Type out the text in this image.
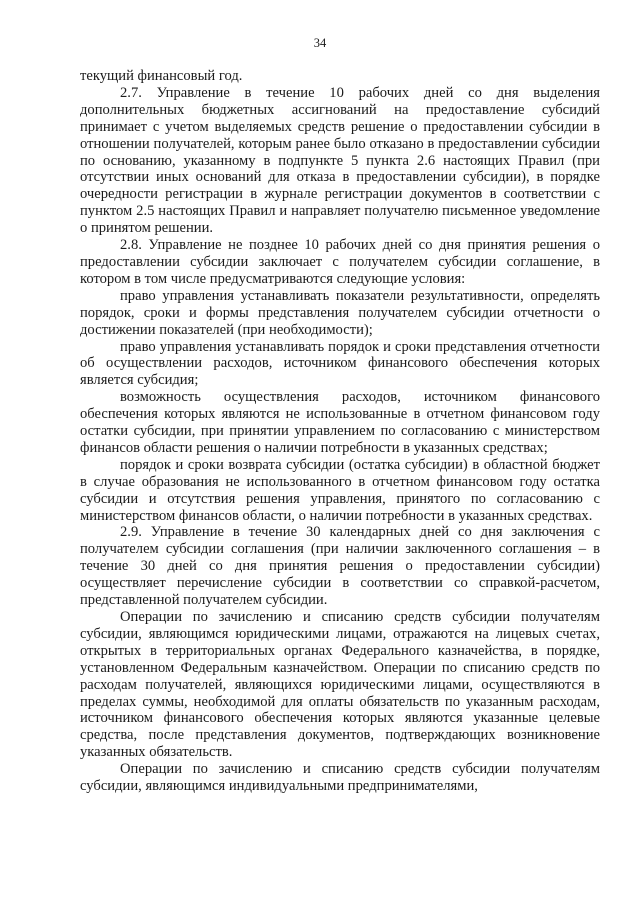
34

текущий финансовый год.

2.7. Управление в течение 10 рабочих дней со дня выделения дополнительных бюджетных ассигнований на предоставление субсидий принимает с учетом выделяемых средств решение о предоставлении субсидии в отношении получателей, которым ранее было отказано в предоставлении субсидии по основанию, указанному в подпункте 5 пункта 2.6 настоящих Правил (при отсутствии иных оснований для отказа в предоставлении субсидии), в порядке очередности регистрации в журнале регистрации документов в соответствии с пунктом 2.5 настоящих Правил и направляет получателю письменное уведомление о принятом решении.

2.8. Управление не позднее 10 рабочих дней со дня принятия решения о предоставлении субсидии заключает с получателем субсидии соглашение, в котором в том числе предусматриваются следующие условия:

право управления устанавливать показатели результативности, определять порядок, сроки и формы представления получателем субсидии отчетности о достижении показателей (при необходимости);

право управления устанавливать порядок и сроки представления отчетности об осуществлении расходов, источником финансового обеспечения которых является субсидия;

возможность осуществления расходов, источником финансового обеспечения которых являются не использованные в отчетном финансовом году остатки субсидии, при принятии управлением по согласованию с министерством финансов области решения о наличии потребности в указанных средствах;

порядок и сроки возврата субсидии (остатка субсидии) в областной бюджет в случае образования не использованного в отчетном финансовом году остатка субсидии и отсутствия решения управления, принятого по согласованию с министерством финансов области, о наличии потребности в указанных средствах.

2.9. Управление в течение 30 календарных дней со дня заключения с получателем субсидии соглашения (при наличии заключенного соглашения – в течение 30 дней со дня принятия решения о предоставлении субсидии) осуществляет перечисление субсидии в соответствии со справкой-расчетом, представленной получателем субсидии.

Операции по зачислению и списанию средств субсидии получателям субсидии, являющимся юридическими лицами, отражаются на лицевых счетах, открытых в территориальных органах Федерального казначейства, в порядке, установленном Федеральным казначейством. Операции по списанию средств по расходам получателей, являющихся юридическими лицами, осуществляются в пределах суммы, необходимой для оплаты обязательств по указанным расходам, источником финансового обеспечения которых являются указанные целевые средства, после представления документов, подтверждающих возникновение указанных обязательств.

Операции по зачислению и списанию средств субсидии получателям субсидии, являющимся индивидуальными предпринимателями,
